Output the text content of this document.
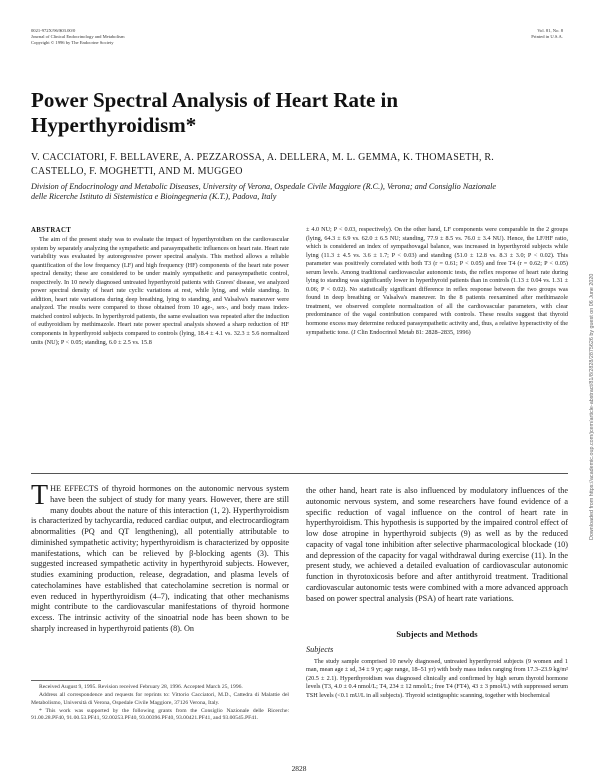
0021-972X/96/$03.00/0
Journal of Clinical Endocrinology and Metabolism
Copyright © 1996 by The Endocrine Society
Vol. 81, No. 8
Printed in U.S.A.
Power Spectral Analysis of Heart Rate in Hyperthyroidism*
V. CACCIATORI, F. BELLAVERE, A. PEZZAROSSA, A. DELLERA, M. L. GEMMA, K. THOMASETH, R. CASTELLO, F. MOGHETTI, AND M. MUGGEO
Division of Endocrinology and Metabolic Diseases, University of Verona, Ospedale Civile Maggiore (R.C.), Verona; and Consiglio Nazionale delle Ricerche Istituto di Sistemistica e Bioingegneria (K.T.), Padova, Italy
ABSTRACT
The aim of the present study was to evaluate the impact of hyperthyroidism on the cardiovascular system by separately analyzing the sympathetic and parasympathetic influences on heart rate. Heart rate variability was evaluated by autoregressive power spectral analysis. This method allows a reliable quantification of the low frequency (LF) and high frequency (HF) components of the heart rate power spectral density; these are considered to be under mainly sympathetic and parasympathetic control, respectively. In 10 newly diagnosed untreated hyperthyroid patients with Graves' disease, we analyzed power spectral density of heart rate cyclic variations at rest, while lying, and while standing. In addition, heart rate variations during deep breathing, lying to standing, and Valsalva's maneuver were analyzed. The results were compared to those obtained from 10 age-, sex-, and body mass index-matched control subjects. In hyperthyroid patients, the same evaluation was repeated after the induction of euthyroidism by methimazole. Heart rate power spectral analysis showed a sharp reduction of HF components in hyperthyroid subjects compared to controls (lying, 18.4 ± 4.1 vs. 32.3 ± 5.6 normalized units (NU); P < 0.05; standing, 6.0 ± 2.5 vs. 15.8
± 4.0 NU; P < 0.03, respectively). On the other hand, LF components were comparable in the 2 groups (lying, 64.3 ± 6.9 vs. 62.0 ± 6.5 NU; standing, 77.9 ± 8.5 vs. 76.0 ± 3.4 NU). Hence, the LF/HF ratio, which is considered an index of sympathovagal balance, was increased in hyperthyroid subjects while lying (11.3 ± 4.5 vs. 3.6 ± 1.7; P < 0.03) and standing (51.0 ± 12.8 vs. 8.3 ± 3.0; P < 0.02). This parameter was positively correlated with both T3 (r = 0.61; P < 0.05) and free T4 (r = 0.62; P < 0.05) serum levels. Among traditional cardiovascular autonomic tests, the reflex response of heart rate during lying to standing was significantly lower in hyperthyroid patients than in controls (1.13 ± 0.04 vs. 1.31 ± 0.06; P < 0.02). No statistically significant difference in reflex response between the two groups was found in deep breathing or Valsalva's maneuver. In the 8 patients reexamined after methimazole treatment, we observed complete normalization of all the cardiovascular parameters, with clear predominance of the vagal contribution compared with controls. These results suggest that thyroid hormone excess may determine reduced parasympathetic activity and, thus, a relative hyperactivity of the sympathetic tone. (J Clin Endocrinol Metab 81: 2828–2835, 1996)
T HE EFFECTS of thyroid hormones on the autonomic nervous system have been the subject of study for many years. However, there are still many doubts about the nature of this interaction (1, 2). Hyperthyroidism is characterized by tachycardia, reduced cardiac output, and electrocardiogram abnormalities (PQ and QT lengthening), all potentially attributable to diminished sympathetic activity; hyperthyroidism is characterized by opposite manifestations, which can be relieved by β-blocking agents (3). This suggested increased sympathetic activity in hyperthyroid subjects. However, studies examining production, release, degradation, and plasma levels of catecholamines have established that catecholamine secretion is normal or even reduced in hyperthyroidism (4–7), indicating that other mechanisms might contribute to the cardiovascular manifestations of thyroid hormone excess. The intrinsic activity of the sinoatrial node has been shown to be sharply increased in hyperthyroid patients (8). On
the other hand, heart rate is also influenced by modulatory influences of the autonomic nervous system, and some researchers have found evidence of a specific reduction of vagal influence on the control of heart rate in hyperthyroidism. This hypothesis is supported by the impaired control effect of low dose atropine in hyperthyroid subjects (9) as well as by the reduced capacity of vagal tone inhibition after selective pharmacological blockade (10) and depression of the capacity for vagal withdrawal during exercise (11). In the present study, we achieved a detailed evaluation of cardiovascular autonomic function in thyrotoxicosis before and after antithyroid treatment. Traditional cardiovascular autonomic tests were combined with a more advanced approach based on power spectral analysis (PSA) of heart rate variations.
Subjects and Methods
Subjects
The study sample comprised 10 newly diagnosed, untreated hyperthyroid subjects (9 women and 1 man, mean age ± sd, 34 ± 9 yr; age range, 18–51 yr) with body mass index ranging from 17.3–23.9 kg/m² (20.5 ± 2.1). Hyperthyroidism was diagnosed clinically and confirmed by high serum thyroid hormone levels (T3, 4.0 ± 0.4 nmol/L; T4, 234 ± 12 nmol/L; free T4 (FT4), 43 ± 3 pmol/L) with suppressed serum TSH levels (<0.1 mU/L in all subjects). Thyroid scintigraphic scanning, together with biochemical

Received August 9, 1995. Revision received February 28, 1996. Accepted March 25, 1996.

Address all correspondence and requests for reprints to: Vittorio Cacciatori, M.D., Cattedra di Malattie del Metabolismo, Università di Verona, Ospedale Civile Maggiore, 37126 Verona, Italy.

* This work was supported by the following grants from the Consiglio Nazionale delle Ricerche: 91.00.28.PF40, 91.00.53.PF41, 92.00253.PF40, 93.00396.PF40, 93.00421.PF41, and 93.00545.PF41.

2828
Downloaded from https://academic.oup.com/jcem/article-abstract/81/8/2828/2875626 by guest on 06 June 2020
